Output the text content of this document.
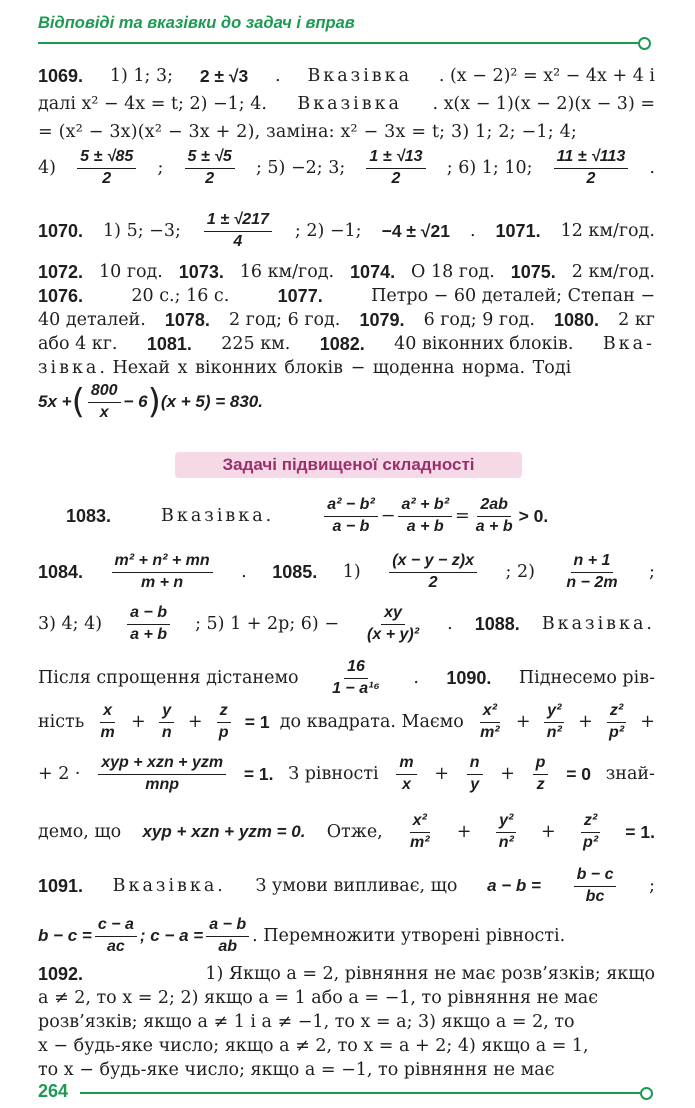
Відповіді та вказівки до задач і вправ
1069. 1) 1; 3; 2 ± √3 . Вказівка . (x − 2)² = x² − 4x + 4 і
далі x² − 4x = t; 2) −1; 4. Вказівка . x(x − 1)(x − 2)(x − 3) =
= (x² − 3x)(x² − 3x + 2), заміна: x² − 3x = t; 3) 1; 2; −1; 4;
$4) \frac{5 \pm √85}{2}$ ; $\frac{5 \pm √5}{2}$ ; 5) −2; 3; $\frac{1 \pm √13}{2}$ ; 6) 1; 10; $\frac{11 \pm √113}{2}$ .
1070. 1) 5; −3; $\frac{1 \pm √217}{4}$ ; 2) −1; −4 ± √21 . 1071. 12 км/год.
1072. 10 год. 1073. 16 км/год. 1074. О 18 год. 1075. 2 км/год.
1076.	20 с.; 16 с.	1077.	Петро − 60 деталей; Степан −
40 деталей. 1078. 2 год; 6 год. 1079. 6 год; 9 год. 1080. 2 кг
або 4 кг. 1081. 225 км. 1082. 40 віконних блоків. Вка-
зівка. Нехай x віконних блоків − щоденна норма. Тоді
5x + ( $\frac{800}{x} - 6$ ) (x + 5) = 830.
Задачі підвищеної складності
1083.	Вказівка.	$\frac{\text{a² − b²}}{a - b} - \frac{\text{a² + b²}}{a + b} = \frac{2ab}{a + b} > 0$.
1084. $\frac{\text{m² + n² + mn}}{m + n}$ . 1085. $1) \frac{(x - y - z)x}{2}$ ; $2) \frac{n + 1}{n - 2m}$ ;
3) 4; $4) \frac{a - b}{a + b}$ ; 5) 1 + 2p; $6) - \frac{xy}{\text{(x + y)²}}$ . 1088. Вказівка.
Після спрощення дістанемо $\frac{16}{\text{1 − a¹⁶}}$ . 1090. Піднесемо рів-
ність $\frac{x}{m} + \frac{y}{n} + \frac{z}{p} = 1$ до квадрата. Маємо $\frac{\text{x²}}{\text{m²}} + \frac{\text{y²}}{\text{n²}} + \frac{\text{z²}}{\text{p²}}$ +
+ $2 \cdot \frac{\text{xyp + xzn + yzm}}{\text{mnp}} = 1$. З рівності $\frac{m}{x} + \frac{n}{y} + \frac{p}{z} = 0$ знай-
демо, що xyp + xzn + yzm = 0. Отже, $\frac{\text{x²}}{\text{m²}} + \frac{\text{y²}}{\text{n²}} + \frac{\text{z²}}{\text{p²}} = 1$.
1091. Вказівка. З умови випливає, що $a - b = \frac{b - c}{bc}$ ;
$b - c = \frac{c - a}{ac}$ ; $c - a = \frac{a - b}{ab}$ . Перемножити утворені рівності.
1092.	1) Якщо a = 2, рівняння не має розв’язків; якщо
a ≠ 2, то x = 2; 2) якщо a = 1 або a = −1, то рівняння не має
розв’язків; якщо a ≠ 1 і a ≠ −1, то x = a; 3) якщо a = 2, то
x − будь-яке число; якщо a ≠ 2, то x = a + 2; 4) якщо a = 1,
то x − будь-яке число; якщо a = −1, то рівняння не має
264
